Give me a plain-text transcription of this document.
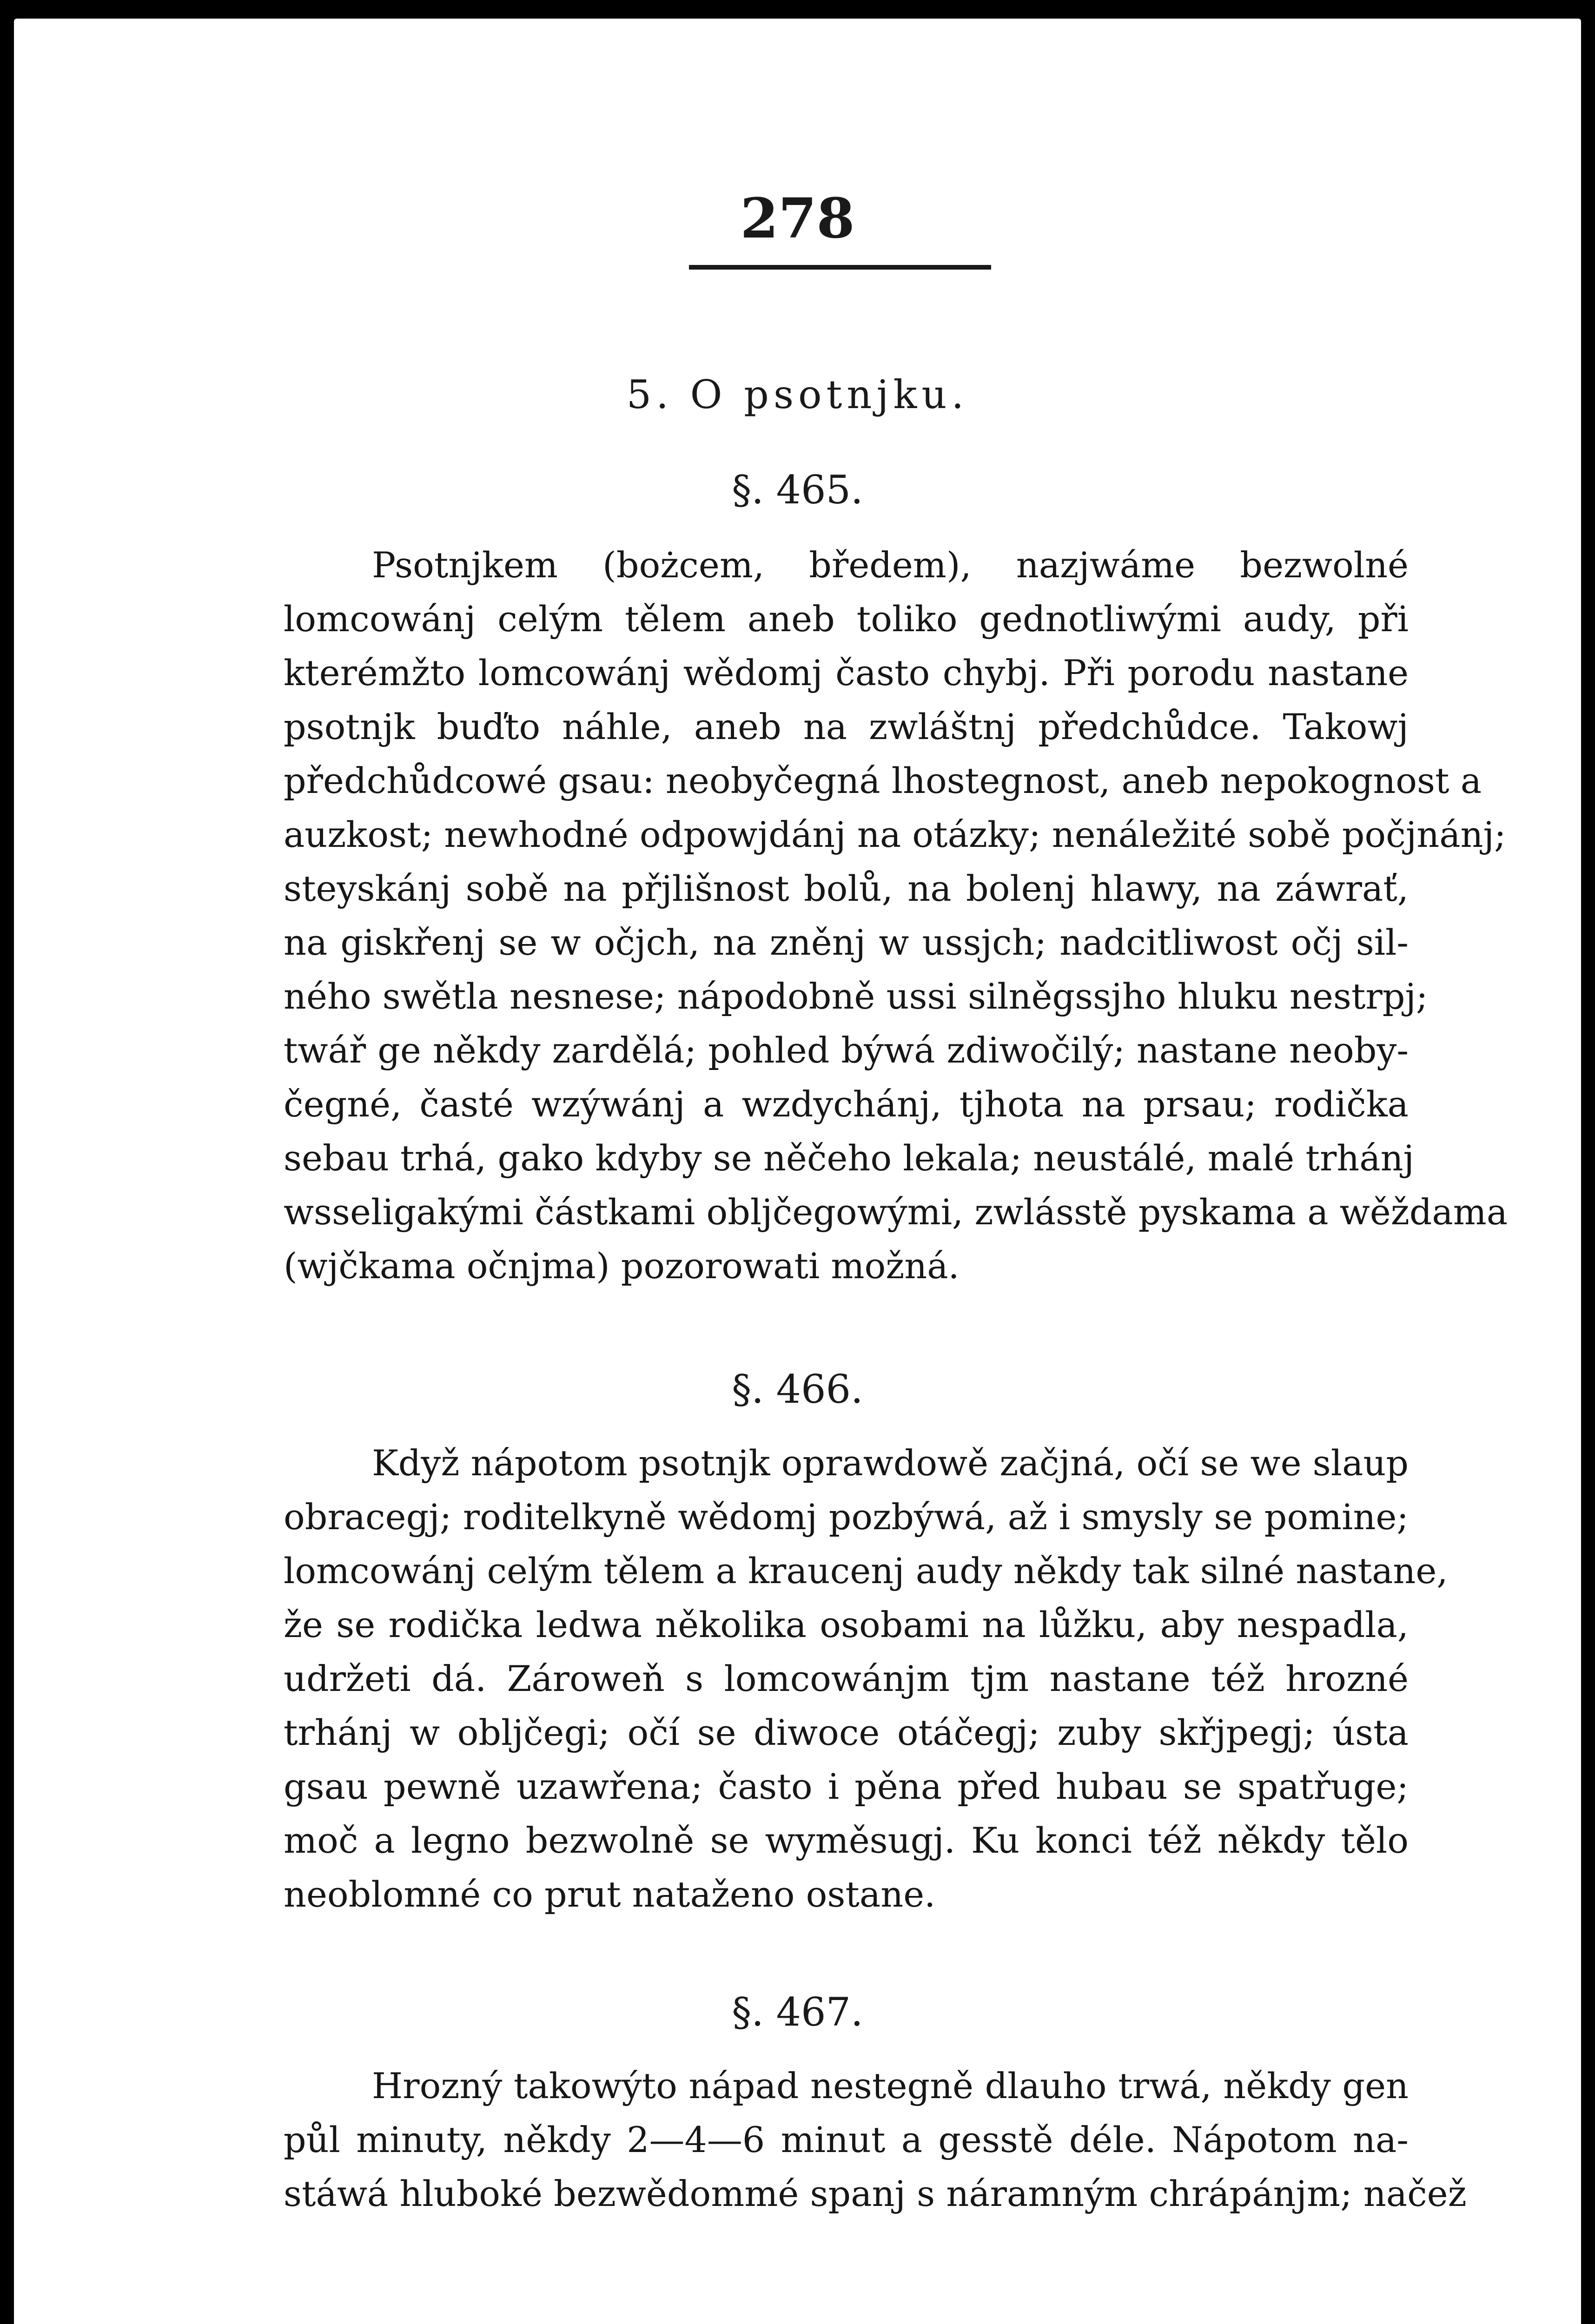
278
5. O psotnjku.
§. 465.
Psotnjkem (bożcem, bředem), nazjwáme bezwolné
lomcowánj celým tělem aneb toliko gednotliwými audy, při
kterémžto lomcowánj wědomj často chybj. Při porodu nastane
psotnjk buďto náhle, aneb na zwláštnj předchůdce. Takowj
předchůdcowé gsau: neobyčegná lhostegnost, aneb nepokognost a
auzkost; newhodné odpowjdánj na otázky; nenáležité sobě počjnánj;
steyskánj sobě na přjlišnost bolů, na bolenj hlawy, na záwrať,
na giskřenj se w očjch, na zněnj w ussjch; nadcitliwost očj sil-
ného swětla nesnese; nápodobně ussi silněgssjho hluku nestrpj;
twář ge někdy zardělá; pohled býwá zdiwočilý; nastane neoby-
čegné, časté wzýwánj a wzdychánj, tjhota na prsau; rodička
sebau trhá, gako kdyby se něčeho lekala; neustálé, malé trhánj
wsseligakými částkami obljčegowými, zwlásstě pyskama a wěždama
(wjčkama očnjma) pozorowati možná.
§. 466.
Když nápotom psotnjk oprawdowě začjná, očí se we slaup
obracegj; roditelkyně wědomj pozbýwá, až i smysly se pomine;
lomcowánj celým tělem a kraucenj audy někdy tak silné nastane,
že se rodička ledwa několika osobami na lůžku, aby nespadla,
udržeti dá. Zároweň s lomcowánjm tjm nastane též hrozné
trhánj w obljčegi; očí se diwoce otáčegj; zuby skřjpegj; ústa
gsau pewně uzawřena; často i pěna před hubau se spatřuge;
moč a legno bezwolně se wyměsugj. Ku konci též někdy tělo
neoblomné co prut natаženo ostane.
§. 467.
Hrozný takowýto nápad nestegně dlauho trwá, někdy gen
půl minuty, někdy 2—4—6 minut a gesstě déle. Nápotom na-
stáwá hluboké bezwědommé spanj s náramným chrápánjm; načež
